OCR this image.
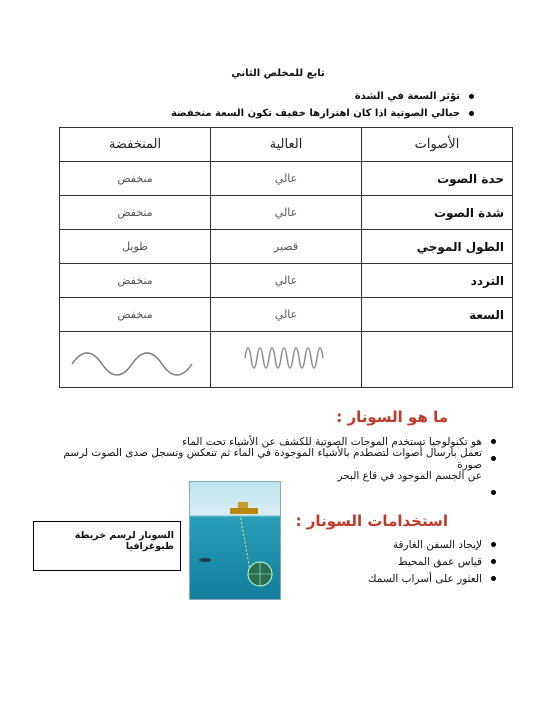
تابع للمخلص الثاني
تؤثر السعة في الشدة
حبالي الصوتية اذا كان اهتزازها خفيف تكون السعة منخفضة
الأصوات	العالية	المنخفضة
حدة الصوت	عالي	منخفض
شدة الصوت	عالي	منخفض
الطول الموجي	قصير	طويل
التردد	عالي	منخفض
السعة	عالي	منخفض

ما هو السونار :
هو تكنولوجيا تستخدم الموجات الصوتية للكشف عن الأشياء تحت الماء
تعمل بارسال أصوات لتصطدم بالأشياء الموجودة في الماء ثم تنعكس وتسجل صدى الصوت لرسم صورة
عن الجسم الموجود في قاع البحر
استخدامات السونار :
لإيجاد السفن الغارقة
قياس عمق المحيط
العثور على أسراب السمك
السونار لرسم خريطة طبوغرافيا
